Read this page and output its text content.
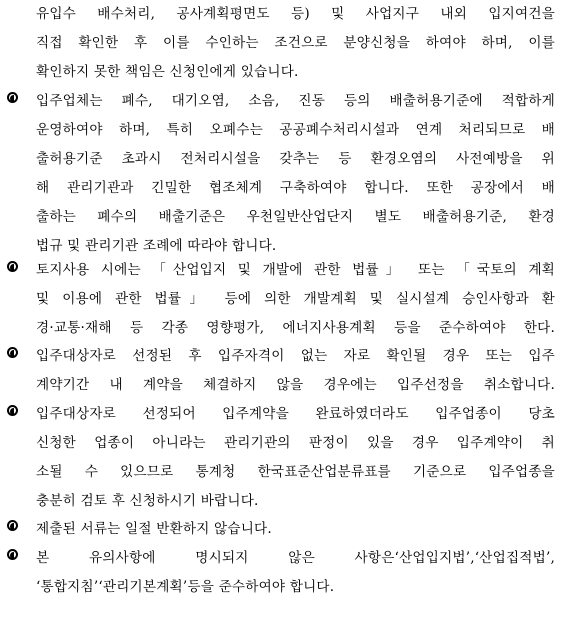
유입수 배수처리, 공사계획평면도 등) 및 사업지구 내외 입지여건을
직접 확인한 후 이를 수인하는 조건으로 분양신청을 하여야 하며, 이를
확인하지 못한 책임은 신청인에게 있습니다.
입주업체는 폐수, 대기오염, 소음, 진동 등의 배출허용기준에 적합하게
운영하여야 하며, 특히 오폐수는 공공폐수처리시설과 연계 처리되므로 배
출허용기준 초과시 전처리시설을 갖추는 등 환경오염의 사전예방을 위
해 관리기관과 긴밀한 협조체계 구축하여야 합니다. 또한 공장에서 배
출하는 폐수의 배출기준은 우천일반산업단지 별도 배출허용기준, 환경
법규 및 관리기관 조례에 따라야 합니다.
토지사용 시에는 「산업입지 및 개발에 관한 법률」 또는 「국토의 계획
및 이용에 관한 법률」 등에 의한 개발계획 및 실시설계 승인사항과 환
경·교통·재해 등 각종 영향평가, 에너지사용계획 등을 준수하여야 한다.
입주대상자로 선정된 후 입주자격이 없는 자로 확인될 경우 또는 입주
계약기간 내 계약을 체결하지 않을 경우에는 입주선정을 취소합니다.
입주대상자로 선정되어 입주계약을 완료하였더라도 입주업종이 당초
신청한 업종이 아니라는 관리기관의 판정이 있을 경우 입주계약이 취
소될 수 있으므로 통계청 한국표준산업분류표를 기준으로 입주업종을
충분히 검토 후 신청하시기 바랍니다.
제출된 서류는 일절 반환하지 않습니다.
본 유의사항에 명시되지 않은 사항은‘산업입지법’,‘산업집적법’,
‘통합지침’‘관리기본계획’등을 준수하여야 합니다.
